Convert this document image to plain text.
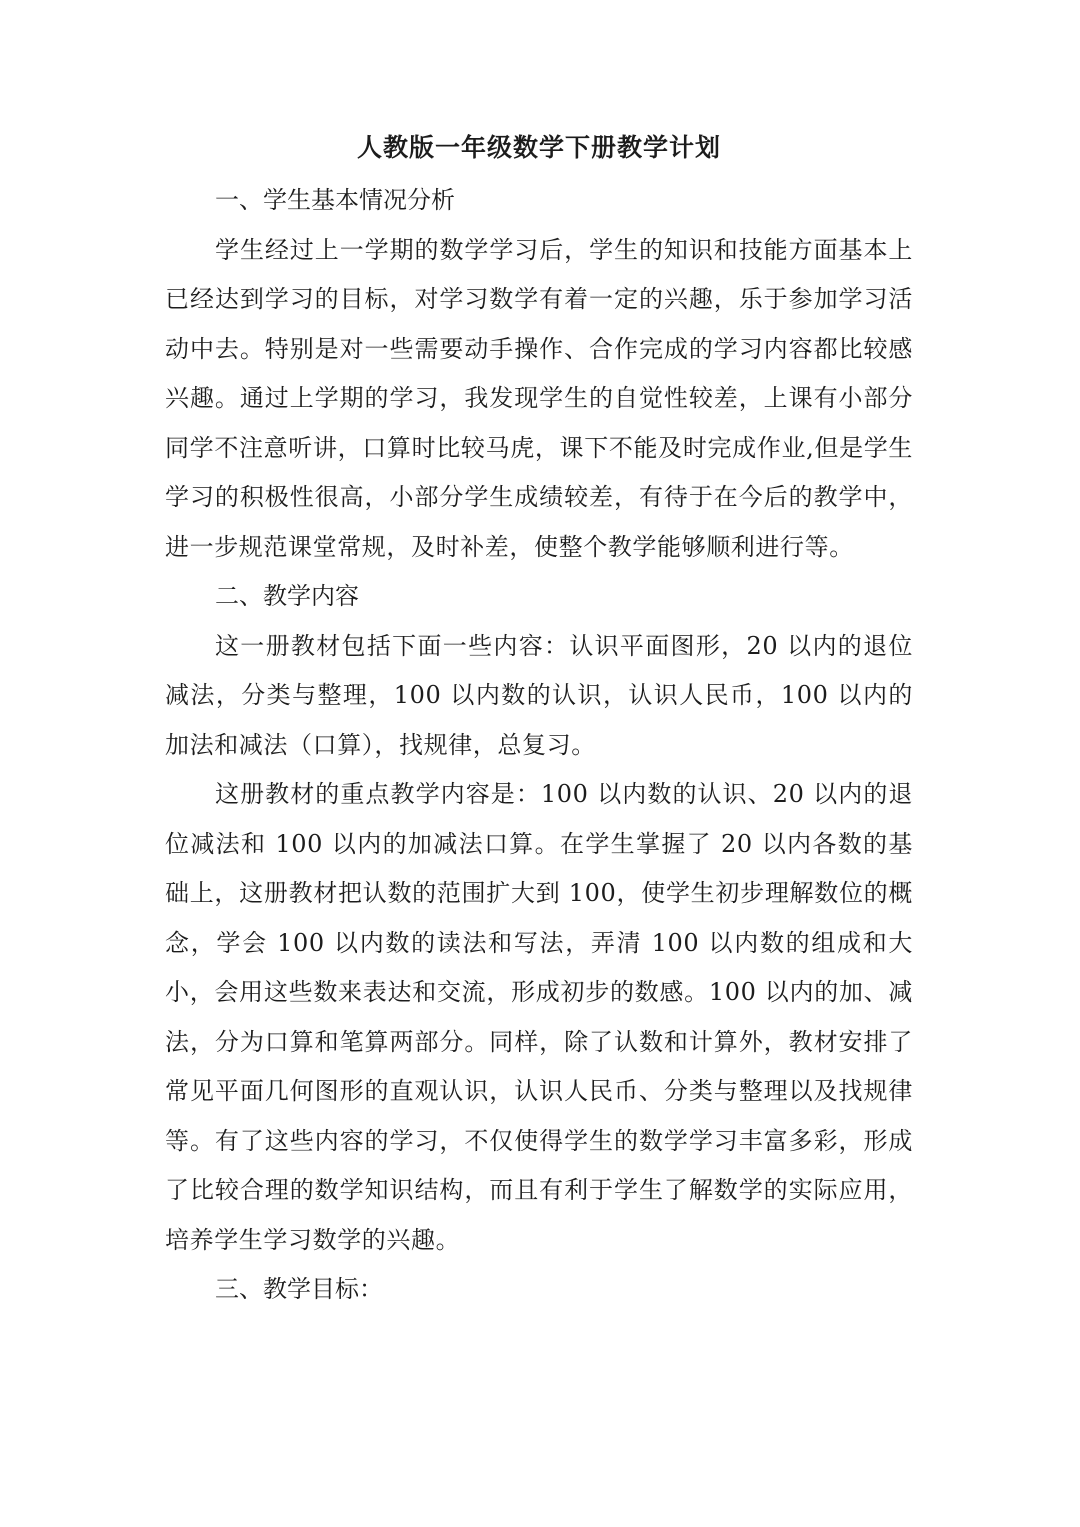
人教版一年级数学下册教学计划

一、学生基本情况分析

学生经过上一学期的数学学习后，学生的知识和技能方面基本上已经达到学习的目标，对学习数学有着一定的兴趣，乐于参加学习活动中去。特别是对一些需要动手操作、合作完成的学习内容都比较感兴趣。通过上学期的学习，我发现学生的自觉性较差，上课有小部分同学不注意听讲，口算时比较马虎，课下不能及时完成作业,但是学生学习的积极性很高，小部分学生成绩较差，有待于在今后的教学中，进一步规范课堂常规，及时补差，使整个教学能够顺利进行等。

二、教学内容

这一册教材包括下面一些内容：认识平面图形，20 以内的退位减法，分类与整理，100 以内数的认识，认识人民币，100 以内的加法和减法（口算），找规律，总复习。

这册教材的重点教学内容是：100 以内数的认识、20 以内的退位减法和 100 以内的加减法口算。在学生掌握了 20 以内各数的基础上，这册教材把认数的范围扩大到 100，使学生初步理解数位的概念，学会 100 以内数的读法和写法，弄清 100 以内数的组成和大小，会用这些数来表达和交流，形成初步的数感。100 以内的加、减法，分为口算和笔算两部分。同样，除了认数和计算外，教材安排了常见平面几何图形的直观认识，认识人民币、分类与整理以及找规律等。有了这些内容的学习，不仅使得学生的数学学习丰富多彩，形成了比较合理的数学知识结构，而且有利于学生了解数学的实际应用，培养学生学习数学的兴趣。

三、教学目标：
